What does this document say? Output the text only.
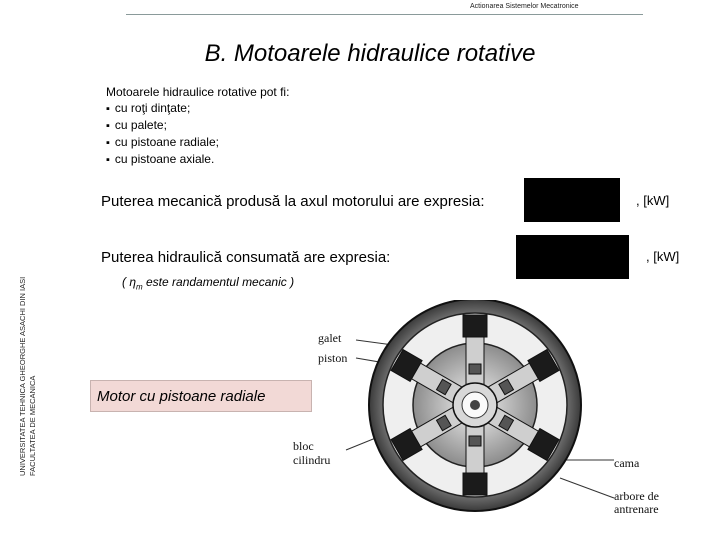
Actionarea Sistemelor Mecatronice
B. Motoarele hidraulice rotative
UNIVERSITATEA TEHNICA GHEORGHE ASACHI DIN IASI FACULTATEA DE MECANICA
Motoarele hidraulice rotative pot fi:
▪ cu roţi dinţate;
▪ cu palete;
▪ cu pistoane radiale;
▪ cu pistoane axiale.
Puterea mecanică produsă la axul motorului are expresia:	, [kW]
Puterea hidraulică consumată are expresia:	, [kW]
( $\eta_m$ este randamentul mecanic )
Motor cu pistoane radiale
galet
piston
bloc
cilindru	cama
arbore de
antrenare
